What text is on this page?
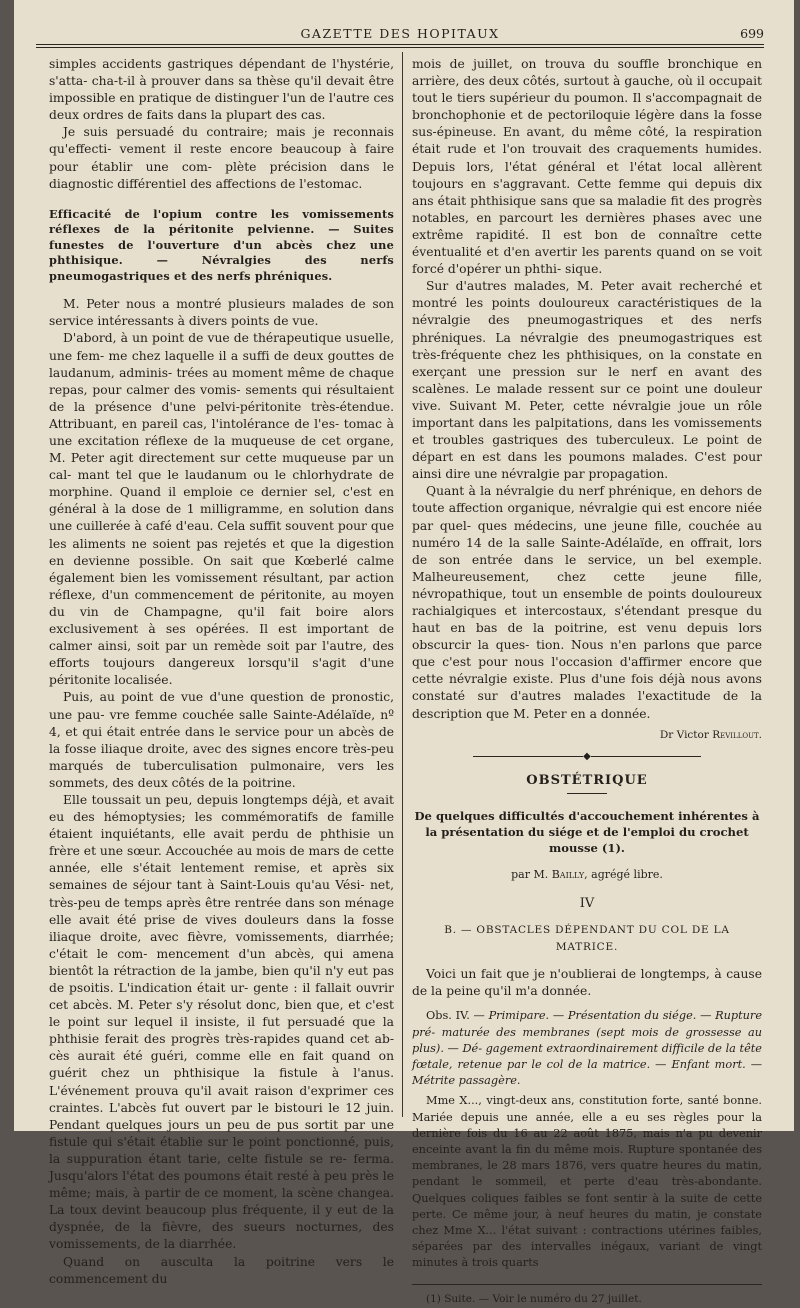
GAZETTE DES HOPITAUX	699

simples accidents gastriques dépendant de l'hystérie, s'atta- cha-t-il à prouver dans sa thèse qu'il devait être impossible en pratique de distinguer l'un de l'autre ces deux ordres de faits dans la plupart des cas.

Je suis persuadé du contraire; mais je reconnais qu'effecti- vement il reste encore beaucoup à faire pour établir une com- plète précision dans le diagnostic différentiel des affections de l'estomac.

Efficacité de l'opium contre les vomissements réflexes de la péritonite pelvienne. — Suites funestes de l'ouverture d'un abcès chez une phthisique. — Névralgies des nerfs pneumogastriques et des nerfs phréniques.

M. Peter nous a montré plusieurs malades de son service intéressants à divers points de vue.

D'abord, à un point de vue de thérapeutique usuelle, une fem- me chez laquelle il a suffi de deux gouttes de laudanum, adminis- trées au moment même de chaque repas, pour calmer des vomis- sements qui résultaient de la présence d'une pelvi-péritonite très-étendue. Attribuant, en pareil cas, l'intolérance de l'es- tomac à une excitation réflexe de la muqueuse de cet organe, M. Peter agit directement sur cette muqueuse par un cal- mant tel que le laudanum ou le chlorhydrate de morphine. Quand il emploie ce dernier sel, c'est en général à la dose de 1 milligramme, en solution dans une cuillerée à café d'eau. Cela suffit souvent pour que les aliments ne soient pas rejetés et que la digestion en devienne possible. On sait que Kœberlé calme également bien les vomissement résultant, par action réflexe, d'un commencement de péritonite, au moyen du vin de Champagne, qu'il fait boire alors exclusivement à ses opérées. Il est important de calmer ainsi, soit par un remède soit par l'autre, des efforts toujours dangereux lorsqu'il s'agit d'une péritonite localisée.

Puis, au point de vue d'une question de pronostic, une pau- vre femme couchée salle Sainte-Adélaïde, nº 4, et qui était entrée dans le service pour un abcès de la fosse iliaque droite, avec des signes encore très-peu marqués de tuberculisation pulmonaire, vers les sommets, des deux côtés de la poitrine.

Elle toussait un peu, depuis longtemps déjà, et avait eu des hémoptysies; les commémoratifs de famille étaient inquiétants, elle avait perdu de phthisie un frère et une sœur. Accouchée au mois de mars de cette année, elle s'était lentement remise, et après six semaines de séjour tant à Saint-Louis qu'au Vési- net, très-peu de temps après être rentrée dans son ménage elle avait été prise de vives douleurs dans la fosse iliaque droite, avec fièvre, vomissements, diarrhée; c'était le com- mencement d'un abcès, qui amena bientôt la rétraction de la jambe, bien qu'il n'y eut pas de psoitis. L'indication était ur- gente : il fallait ouvrir cet abcès. M. Peter s'y résolut donc, bien que, et c'est le point sur lequel il insiste, il fut persuadé que la phthisie ferait des progrès très-rapides quand cet ab- cès aurait été guéri, comme elle en fait quand on guérit chez un phthisique la fistule à l'anus. L'événement prouva qu'il avait raison d'exprimer ces craintes. L'abcès fut ouvert par le bistouri le 12 juin. Pendant quelques jours un peu de pus sortit par une fistule qui s'était établie sur le point ponctionné, puis, la suppuration étant tarie, celte fistule se re- ferma. Jusqu'alors l'état des poumons était resté à peu près le même; mais, à partir de ce moment, la scène changea. La toux devint beaucoup plus fréquente, il y eut de la dyspnée, de la fièvre, des sueurs nocturnes, des vomissements, de la diarrhée.

Quand on ausculta la poitrine vers le commencement du

mois de juillet, on trouva du souffle bronchique en arrière, des deux côtés, surtout à gauche, où il occupait tout le tiers supérieur du poumon. Il s'accompagnait de bronchophonie et de pectoriloquie légère dans la fosse sus-épineuse. En avant, du même côté, la respiration était rude et l'on trouvait des craquements humides. Depuis lors, l'état général et l'état local allèrent toujours en s'aggravant. Cette femme qui depuis dix ans était phthisique sans que sa maladie fit des progrès notables, en parcourt les dernières phases avec une extrême rapidité. Il est bon de connaître cette éventualité et d'en avertir les parents quand on se voit forcé d'opérer un phthi- sique.

Sur d'autres malades, M. Peter avait recherché et montré les points douloureux caractéristiques de la névralgie des pneumogastriques et des nerfs phréniques. La névralgie des pneumogastriques est très-fréquente chez les phthisiques, on la constate en exerçant une pression sur le nerf en avant des scalènes. Le malade ressent sur ce point une douleur vive. Suivant M. Peter, cette névralgie joue un rôle important dans les palpitations, dans les vomissements et troubles gastriques des tuberculeux. Le point de départ en est dans les poumons malades. C'est pour ainsi dire une névralgie par propagation.

Quant à la névralgie du nerf phrénique, en dehors de toute affection organique, névralgie qui est encore niée par quel- ques médecins, une jeune fille, couchée au numéro 14 de la salle Sainte-Adélaïde, en offrait, lors de son entrée dans le service, un bel exemple. Malheureusement, chez cette jeune fille, névropathique, tout un ensemble de points douloureux rachialgiques et intercostaux, s'étendant presque du haut en bas de la poitrine, est venu depuis lors obscurcir la ques- tion. Nous n'en parlons que parce que c'est pour nous l'occasion d'affirmer encore que cette névralgie existe. Plus d'une fois déjà nous avons constaté sur d'autres malades l'exactitude de la description que M. Peter en a donnée.

Dr Victor Revillout.

◆

OBSTÉTRIQUE

De quelques difficultés d'accouchement inhérentes à la présentation du siége et de l'emploi du crochet mousse (1).

par M. Bailly, agrégé libre.

IV

B. — OBSTACLES DÉPENDANT DU COL DE LA MATRICE.

Voici un fait que je n'oublierai de longtemps, à cause de la peine qu'il m'a donnée.

Obs. IV. — Primipare. — Présentation du siége. — Rupture pré- maturée des membranes (sept mois de grossesse au plus). — Dé- gagement extraordinairement difficile de la tête fœtale, retenue par le col de la matrice. — Enfant mort. — Métrite passagère.

Mme X..., vingt-deux ans, constitution forte, santé bonne. Mariée depuis une année, elle a eu ses règles pour la dernière fois du 16 au 22 août 1875, mais n'a pu devenir enceinte avant la fin du même mois. Rupture spontanée des membranes, le 28 mars 1876, vers quatre heures du matin, pendant le sommeil, et perte d'eau très-abondante. Quelques coliques faibles se font sentir à la suite de cette perte. Ce même jour, à neuf heures du matin, je constate chez Mme X... l'état suivant : contractions utérines faibles, séparées par des intervalles inégaux, variant de vingt minutes à trois quarts

(1) Suite. — Voir le numéro du 27 juillet.
